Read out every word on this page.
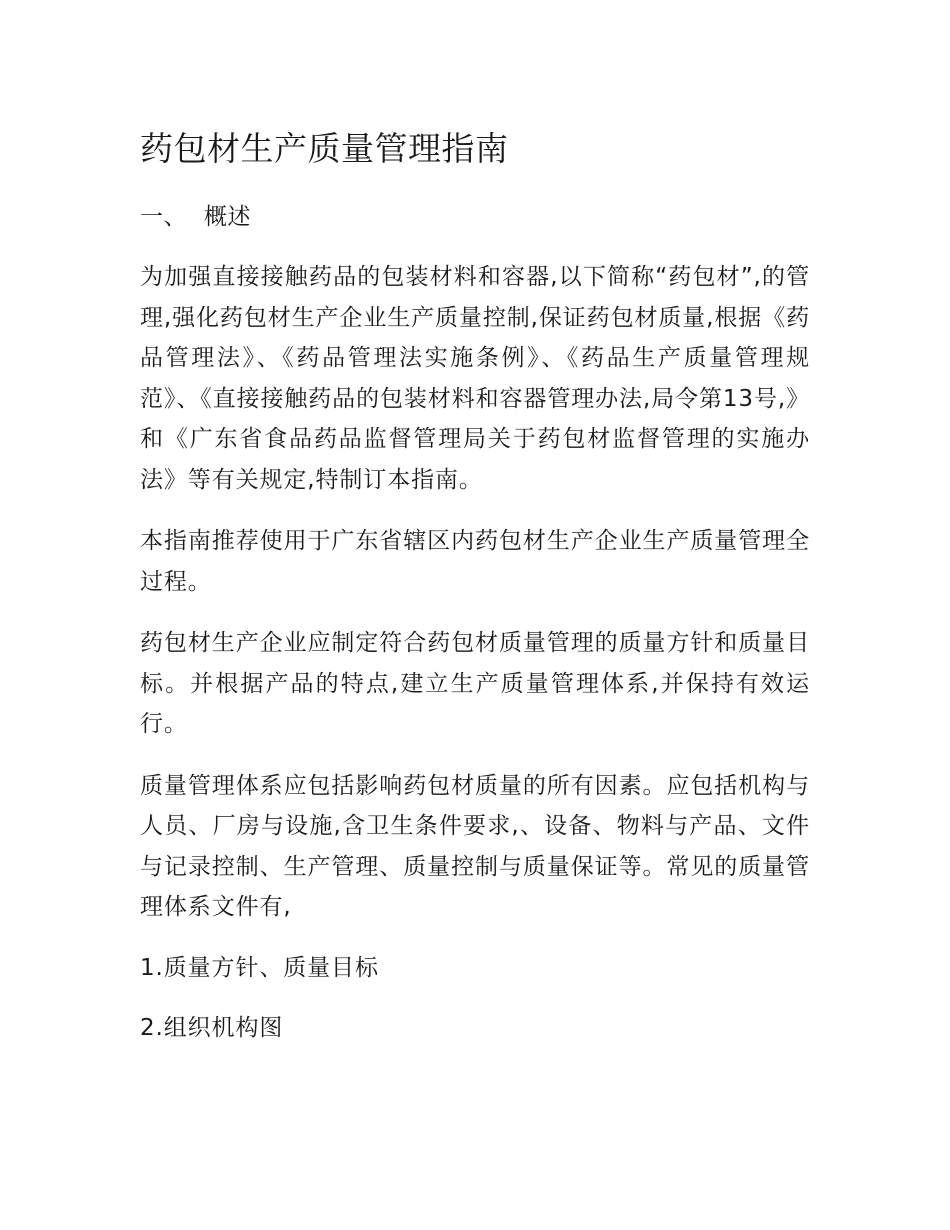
药包材生产质量管理指南
一、 概述

为加强直接接触药品的包装材料和容器,以下简称“药包材”,的管理,强化药包材生产企业生产质量控制,保证药包材质量,根据《药品管理法》、《药品管理法实施条例》、《药品生产质量管理规范》、《直接接触药品的包装材料和容器管理办法,局令第13号,》和《广东省食品药品监督管理局关于药包材监督管理的实施办法》等有关规定,特制订本指南。

本指南推荐使用于广东省辖区内药包材生产企业生产质量管理全过程。

药包材生产企业应制定符合药包材质量管理的质量方针和质量目标。并根据产品的特点,建立生产质量管理体系,并保持有效运行。

质量管理体系应包括影响药包材质量的所有因素。应包括机构与人员、厂房与设施,含卫生条件要求,、设备、物料与产品、文件与记录控制、生产管理、质量控制与质量保证等。常见的质量管理体系文件有,

1.质量方针、质量目标

2.组织机构图
